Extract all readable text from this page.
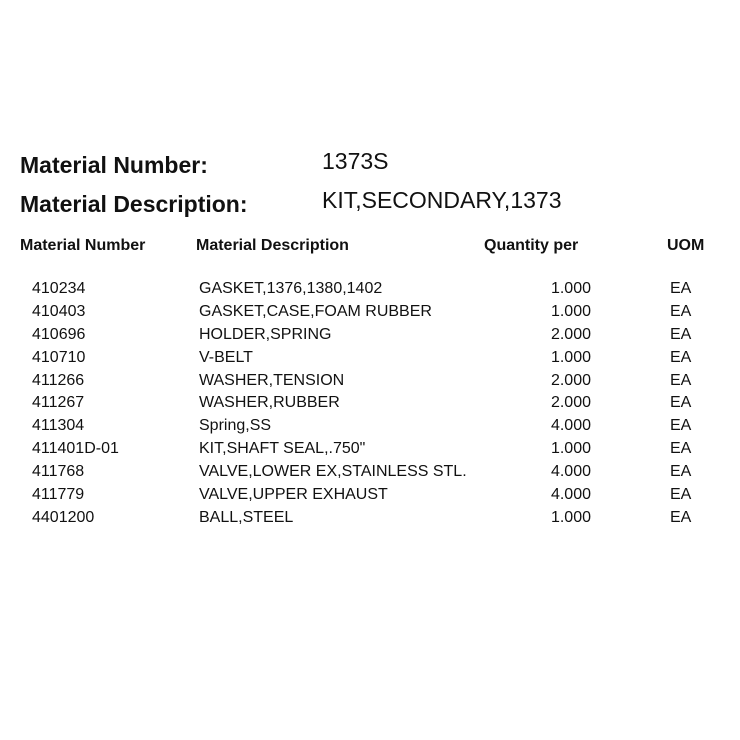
Material Number:	1373S
Material Description:	KIT,SECONDARY,1373
Material Number	Material Description	Quantity per	UOM
410234	GASKET,1376,1380,1402	1.000	EA
410403	GASKET,CASE,FOAM RUBBER	1.000	EA
410696	HOLDER,SPRING	2.000	EA
410710	V-BELT	1.000	EA
411266	WASHER,TENSION	2.000	EA
411267	WASHER,RUBBER	2.000	EA
411304	Spring,SS	4.000	EA
411401D-01	KIT,SHAFT SEAL,.750"	1.000	EA
411768	VALVE,LOWER EX,STAINLESS STL.	4.000	EA
411779	VALVE,UPPER EXHAUST	4.000	EA
4401200	BALL,STEEL	1.000	EA
